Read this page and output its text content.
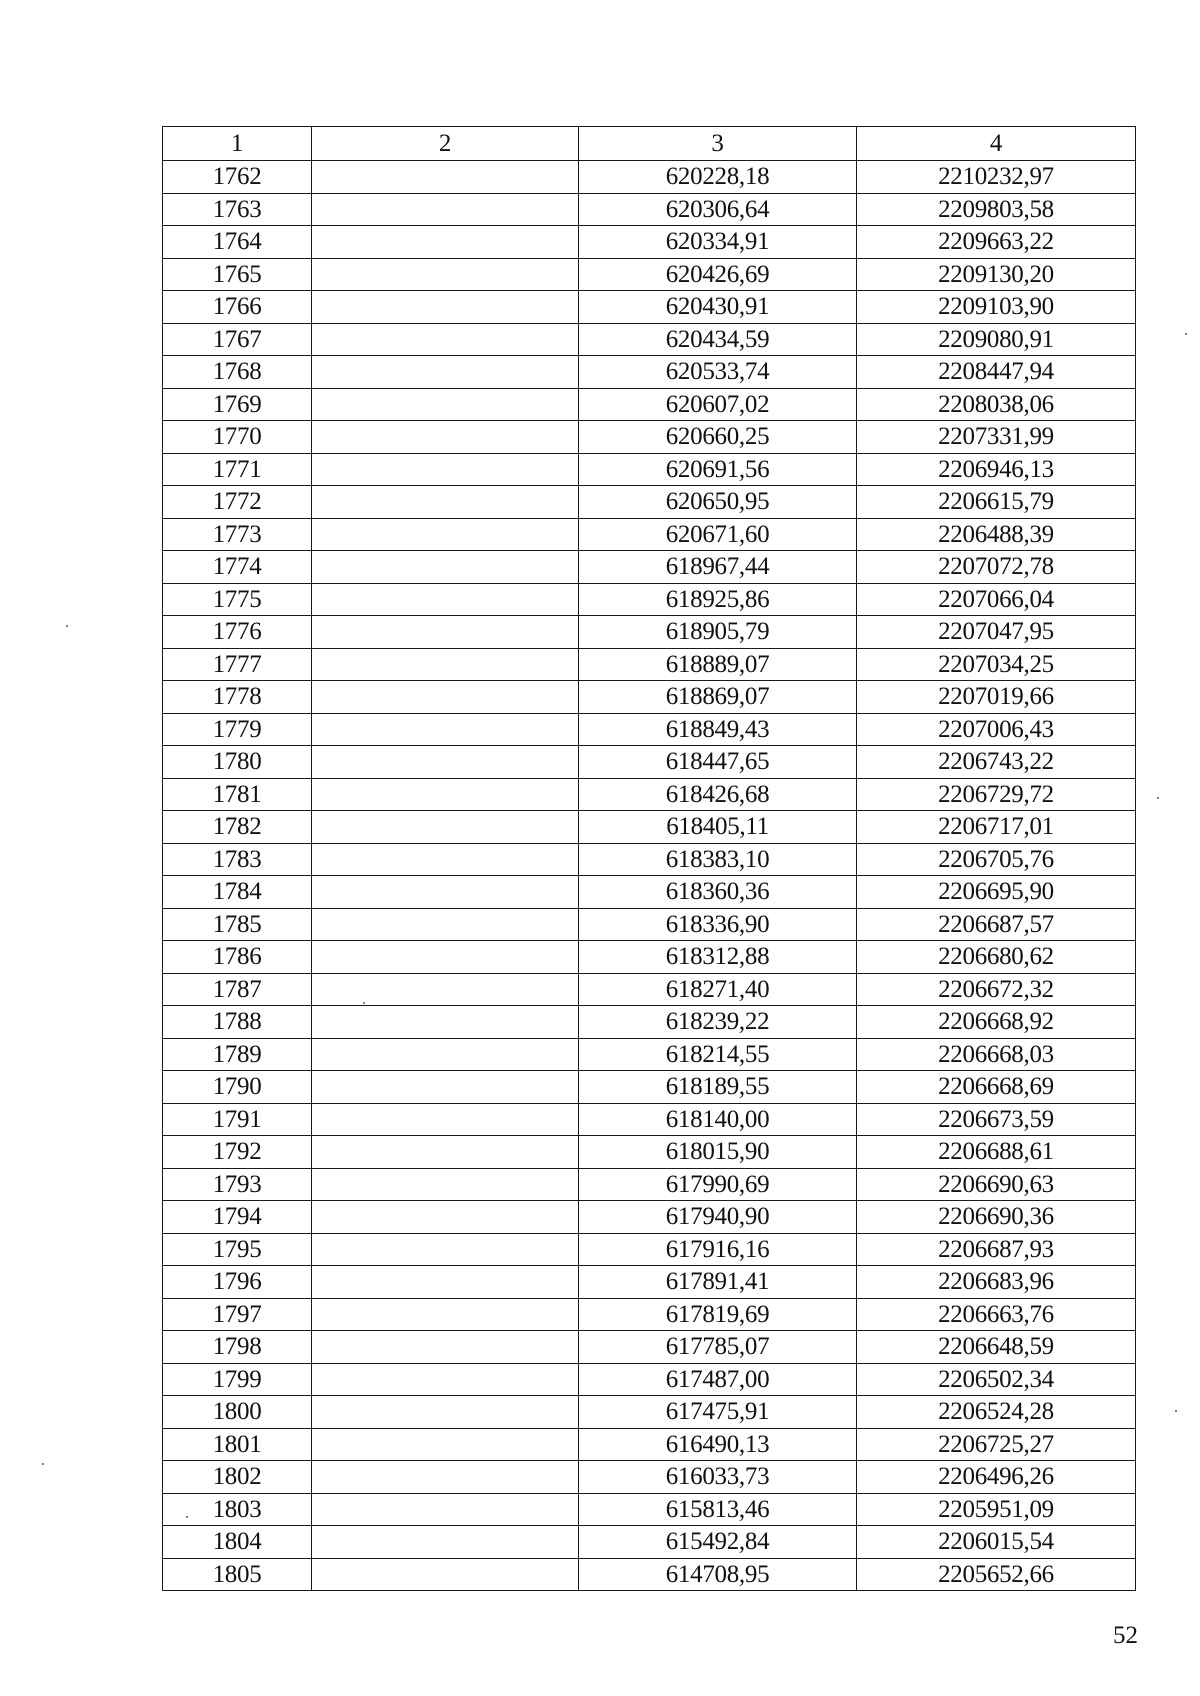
1	2	3	4
1762		620228,18	2210232,97
1763		620306,64	2209803,58
1764		620334,91	2209663,22
1765		620426,69	2209130,20
1766		620430,91	2209103,90
1767		620434,59	2209080,91
1768		620533,74	2208447,94
1769		620607,02	2208038,06
1770		620660,25	2207331,99
1771		620691,56	2206946,13
1772		620650,95	2206615,79
1773		620671,60	2206488,39
1774		618967,44	2207072,78
1775		618925,86	2207066,04
1776		618905,79	2207047,95
1777		618889,07	2207034,25
1778		618869,07	2207019,66
1779		618849,43	2207006,43
1780		618447,65	2206743,22
1781		618426,68	2206729,72
1782		618405,11	2206717,01
1783		618383,10	2206705,76
1784		618360,36	2206695,90
1785		618336,90	2206687,57
1786		618312,88	2206680,62
1787		618271,40	2206672,32
1788		618239,22	2206668,92
1789		618214,55	2206668,03
1790		618189,55	2206668,69
1791		618140,00	2206673,59
1792		618015,90	2206688,61
1793		617990,69	2206690,63
1794		617940,90	2206690,36
1795		617916,16	2206687,93
1796		617891,41	2206683,96
1797		617819,69	2206663,76
1798		617785,07	2206648,59
1799		617487,00	2206502,34
1800		617475,91	2206524,28
1801		616490,13	2206725,27
1802		616033,73	2206496,26
1803		615813,46	2205951,09
1804		615492,84	2206015,54
1805		614708,95	2205652,66
52
